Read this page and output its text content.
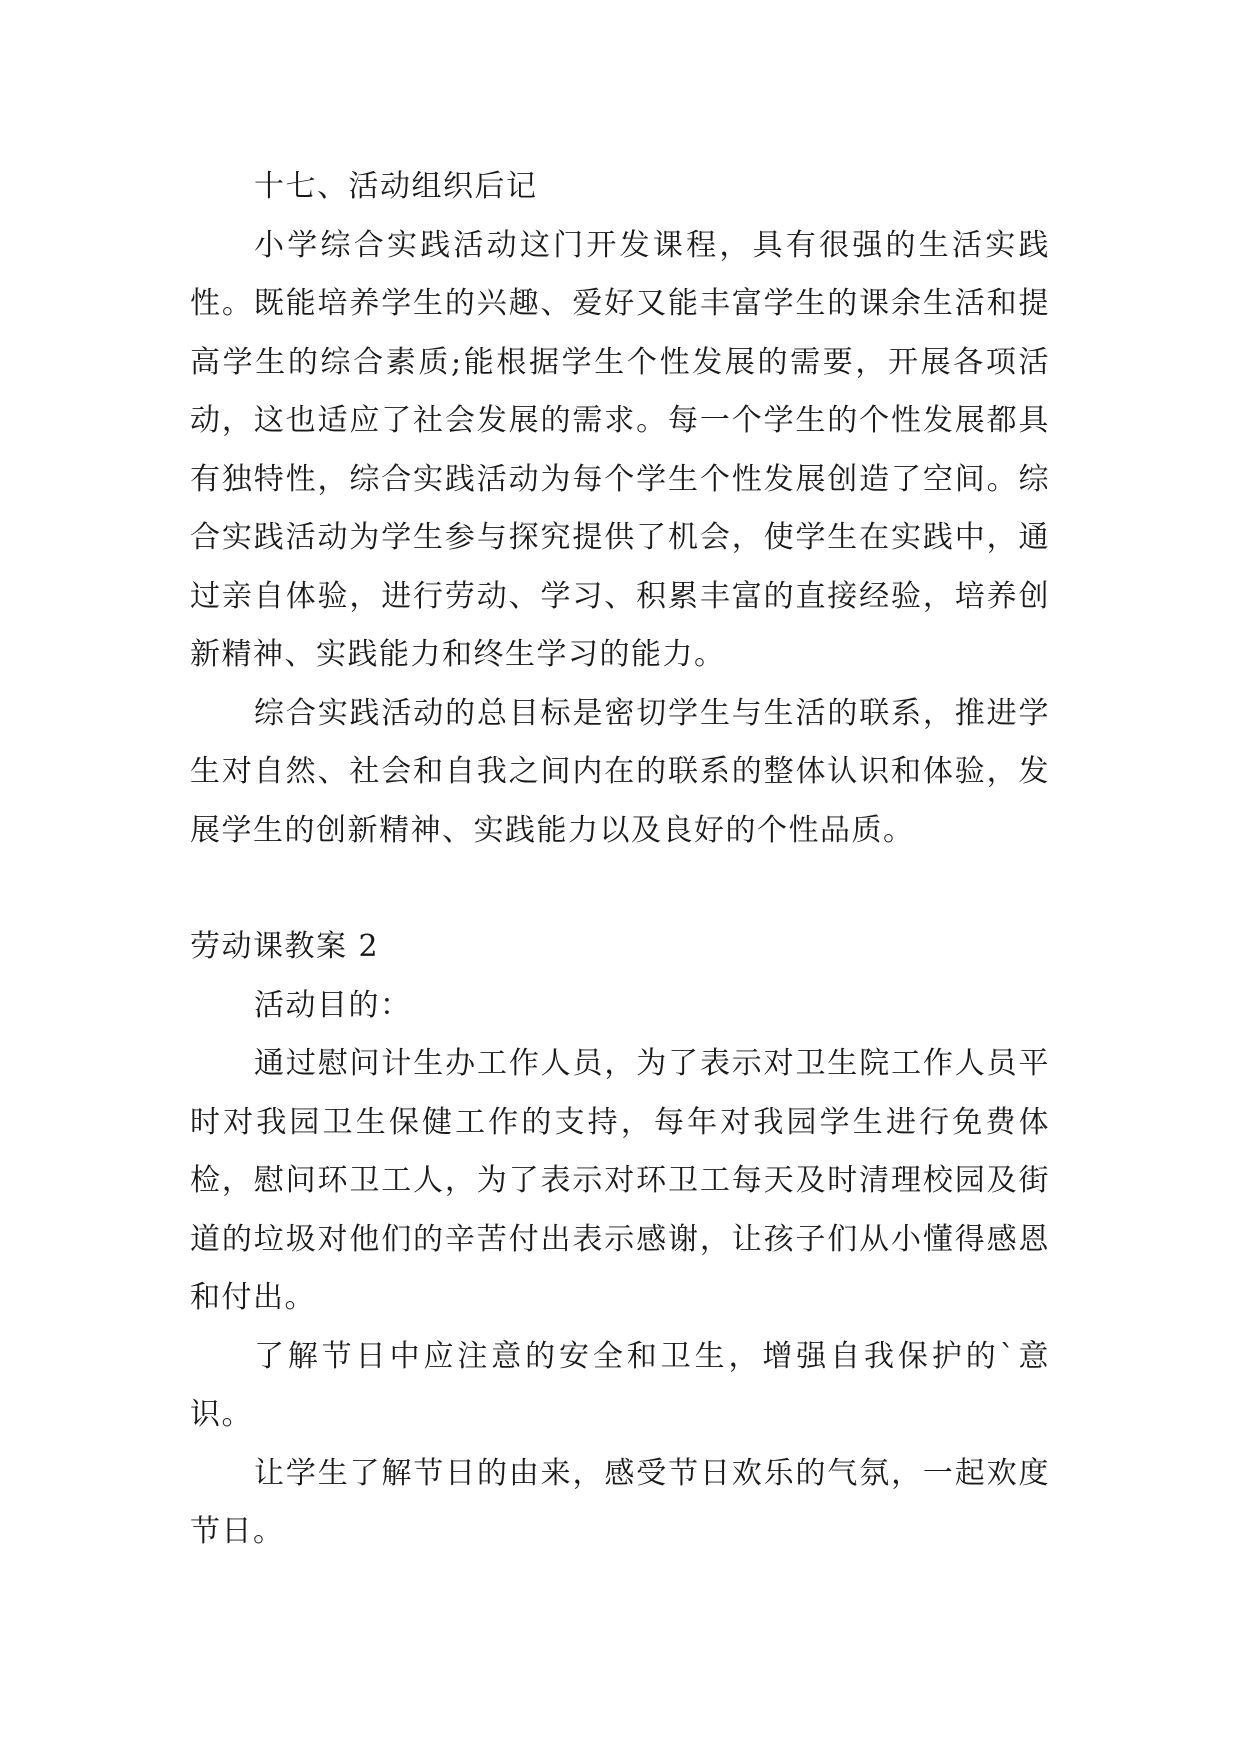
十七、活动组织后记

小学综合实践活动这门开发课程，具有很强的生活实践性。既能培养学生的兴趣、爱好又能丰富学生的课余生活和提高学生的综合素质;能根据学生个性发展的需要，开展各项活动，这也适应了社会发展的需求。每一个学生的个性发展都具有独特性，综合实践活动为每个学生个性发展创造了空间。综合实践活动为学生参与探究提供了机会，使学生在实践中，通过亲自体验，进行劳动、学习、积累丰富的直接经验，培养创新精神、实践能力和终生学习的能力。

综合实践活动的总目标是密切学生与生活的联系，推进学生对自然、社会和自我之间内在的联系的整体认识和体验，发展学生的创新精神、实践能力以及良好的个性品质。

劳动课教案 2

活动目的：

通过慰问计生办工作人员，为了表示对卫生院工作人员平时对我园卫生保健工作的支持，每年对我园学生进行免费体检，慰问环卫工人，为了表示对环卫工每天及时清理校园及街道的垃圾对他们的辛苦付出表示感谢，让孩子们从小懂得感恩和付出。

了解节日中应注意的安全和卫生，增强自我保护的`意识。

让学生了解节日的由来，感受节日欢乐的气氛，一起欢度节日。
